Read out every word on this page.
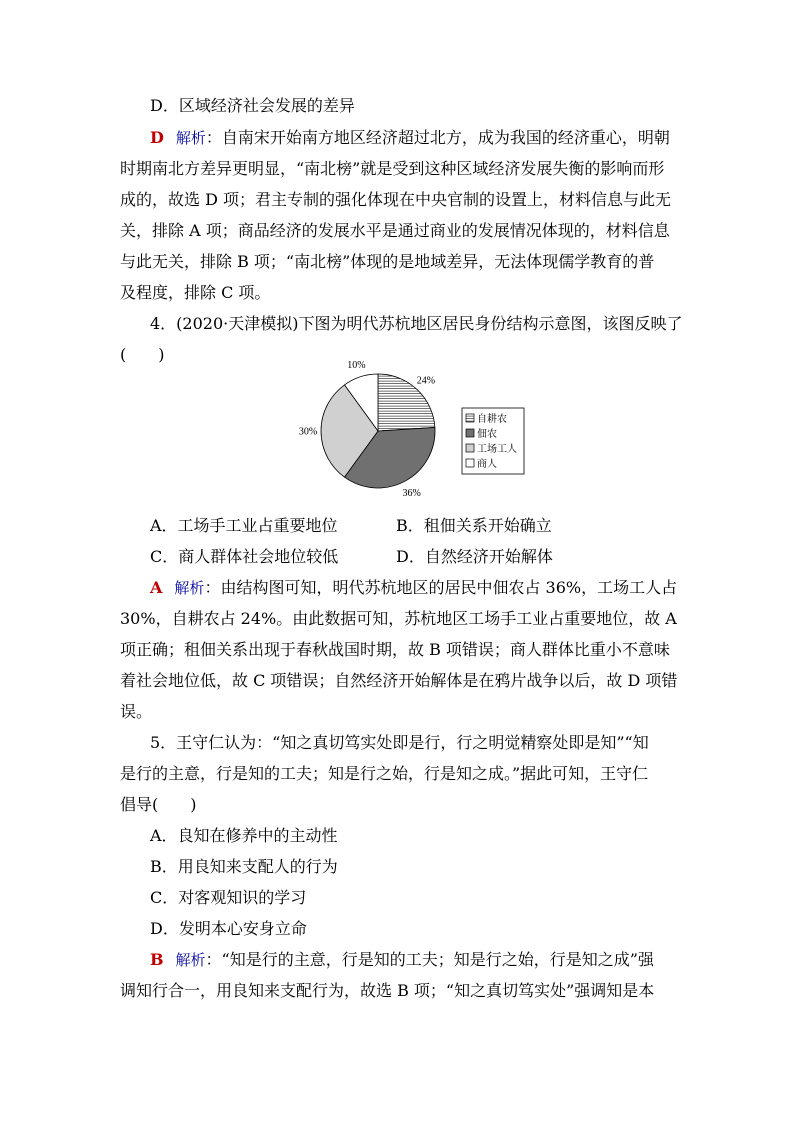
D．区域经济社会发展的差异
D 解析：自南宋开始南方地区经济超过北方，成为我国的经济重心，明朝
时期南北方差异更明显，“南北榜”就是受到这种区域经济发展失衡的影响而形
成的，故选 D 项；君主专制的强化体现在中央官制的设置上，材料信息与此无
关，排除 A 项；商品经济的发展水平是通过商业的发展情况体现的，材料信息
与此无关，排除 B 项；“南北榜”体现的是地域差异，无法体现儒学教育的普
及程度，排除 C 项。
4．(2020·天津模拟)下图为明代苏杭地区居民身份结构示意图，该图反映了
(　　)
24%
36%
30%
10%
自耕农
佃农
工场工人
商人
A．工场手工业占重要地位	B．租佃关系开始确立
C．商人群体社会地位较低	D．自然经济开始解体
A 解析：由结构图可知，明代苏杭地区的居民中佃农占 36%，工场工人占
30%，自耕农占 24%。由此数据可知，苏杭地区工场手工业占重要地位，故 A
项正确；租佃关系出现于春秋战国时期，故 B 项错误；商人群体比重小不意味
着社会地位低，故 C 项错误；自然经济开始解体是在鸦片战争以后，故 D 项错
误。
5．王守仁认为：“知之真切笃实处即是行，行之明觉精察处即是知”“知
是行的主意，行是知的工夫；知是行之始，行是知之成。”据此可知，王守仁
倡导(　　)
A．良知在修养中的主动性
B．用良知来支配人的行为
C．对客观知识的学习
D．发明本心安身立命
B 解析：“知是行的主意，行是知的工夫；知是行之始，行是知之成”强
调知行合一，用良知来支配行为，故选 B 项；“知之真切笃实处”强调知是本
